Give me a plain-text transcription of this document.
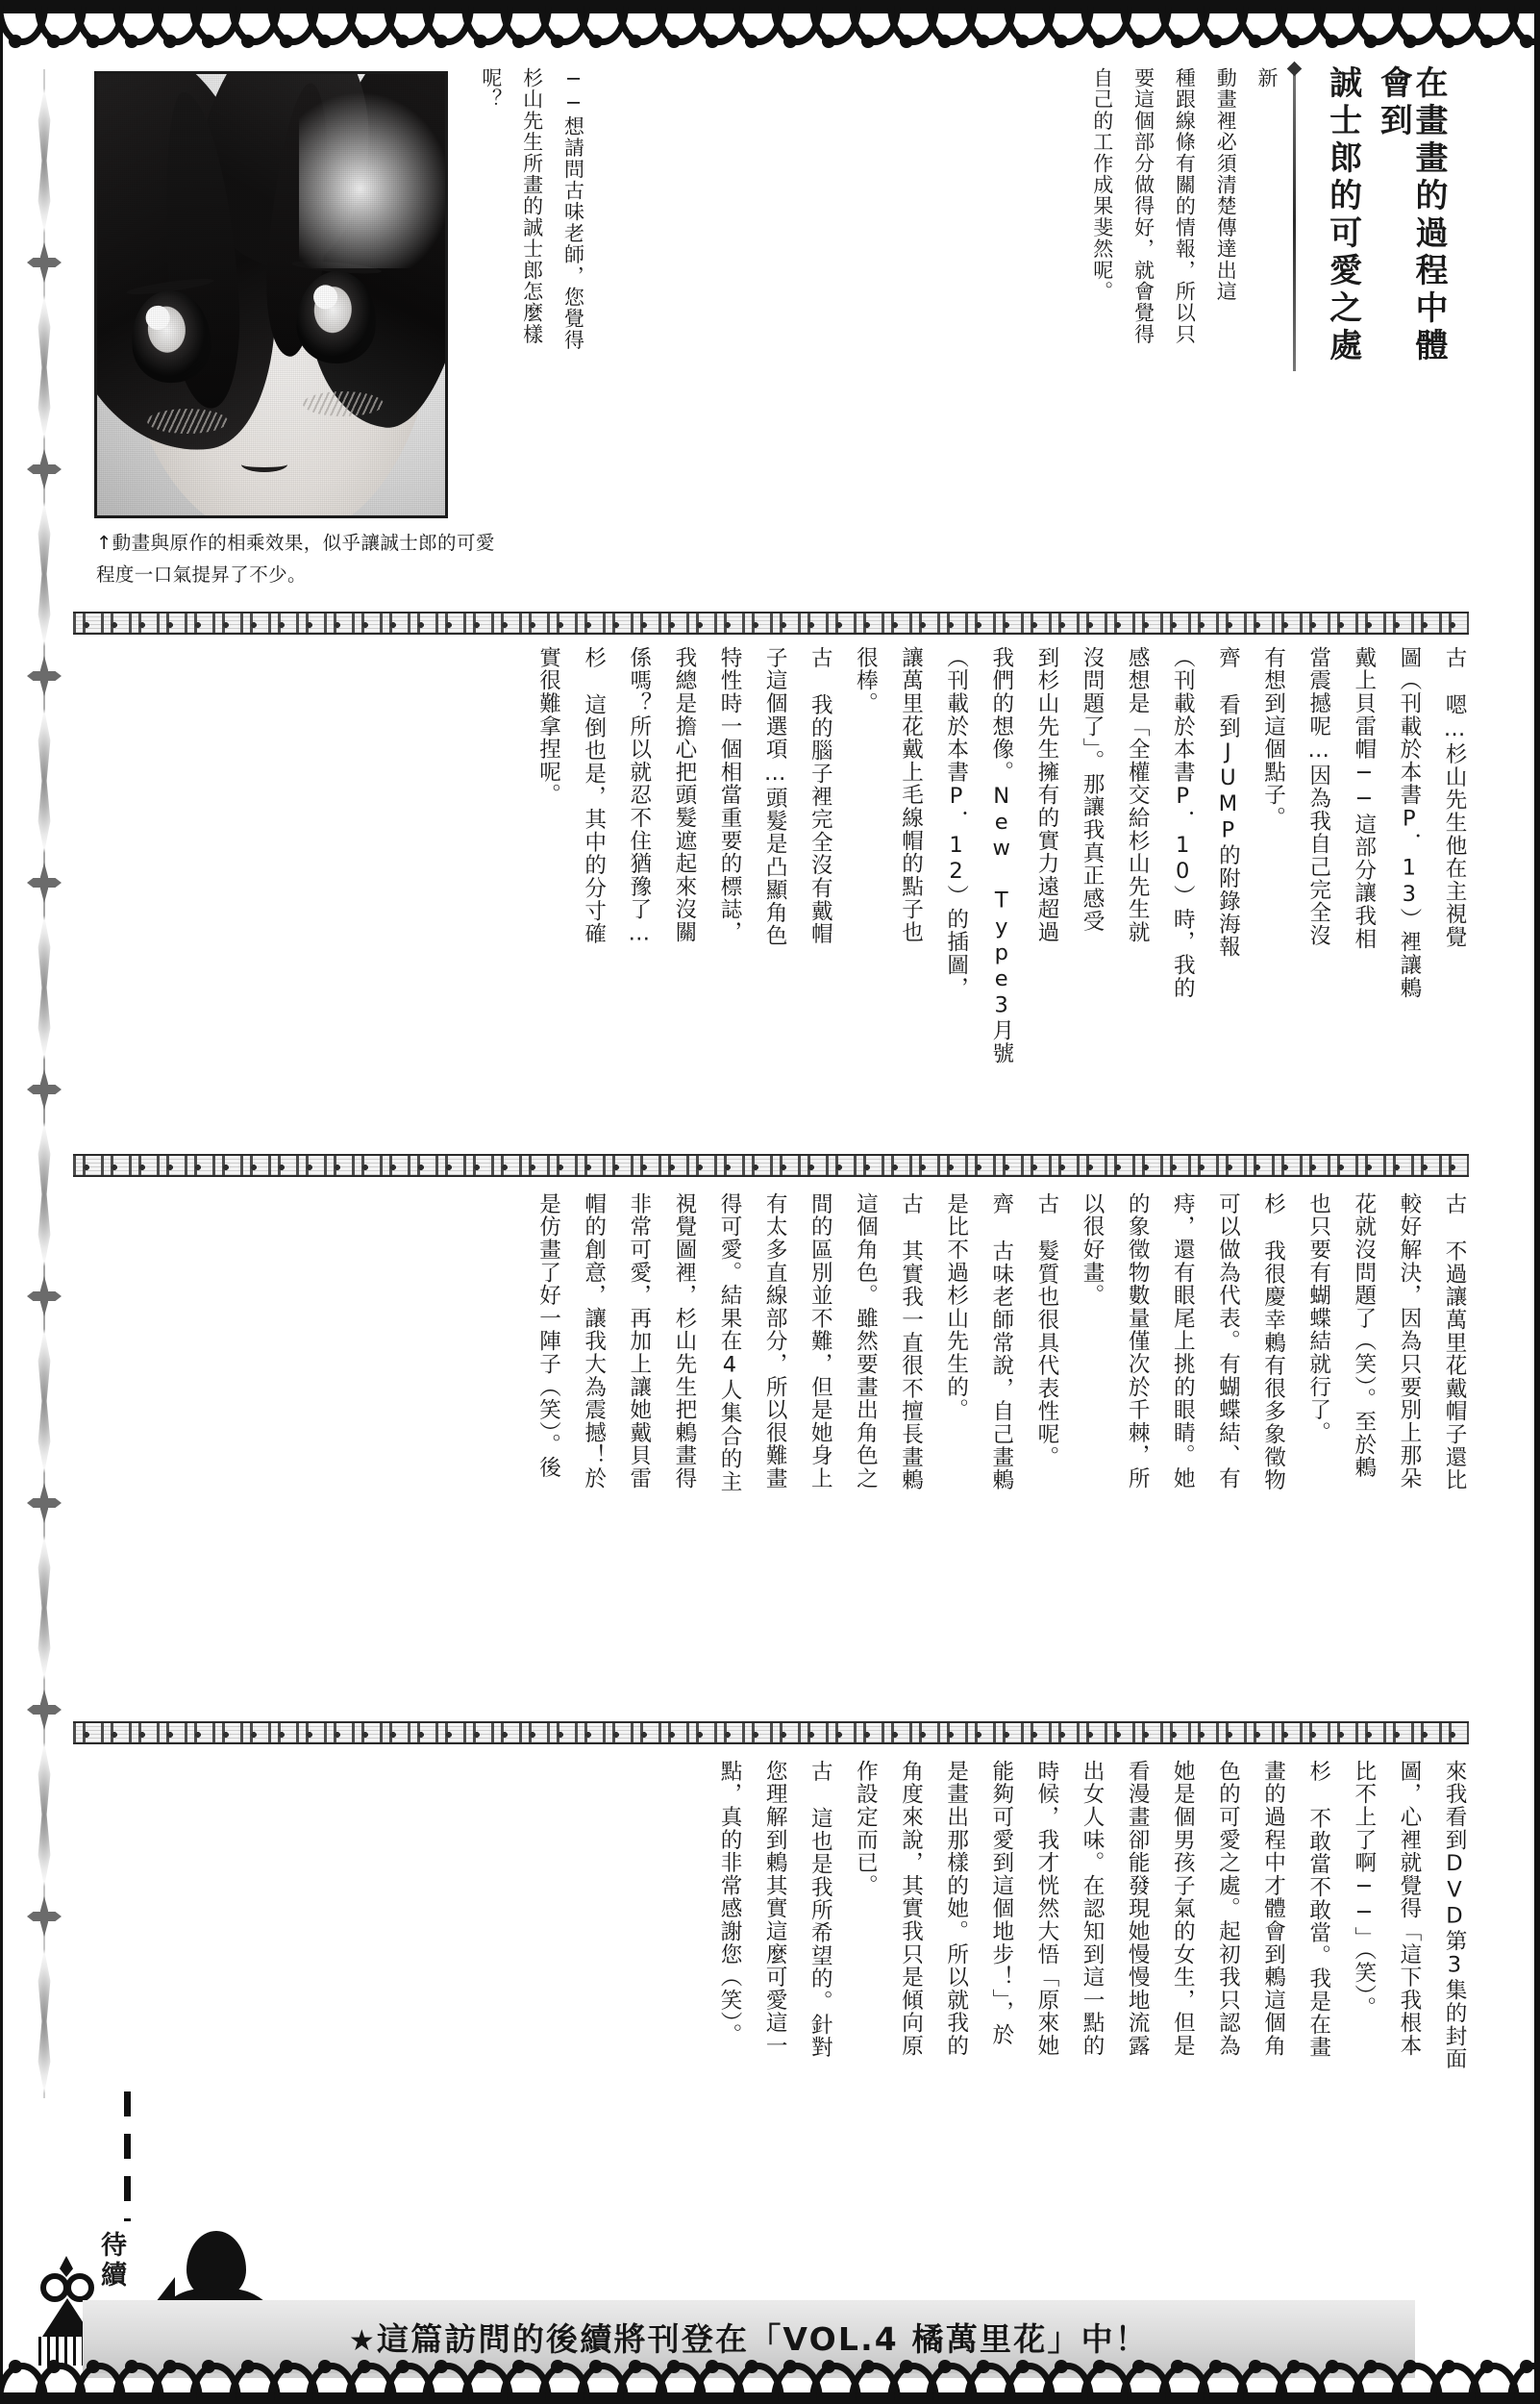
↑動畫與原作的相乘效果，似乎讓誠士郎的可愛
程度一口氣提昇了不少。
在畫畫的過程中體會到
誠士郎的可愛之處
新
動畫裡必須清楚傳達出這
種跟線條有關的情報，所以只
要這個部分做得好，就會覺得
自己的工作成果斐然呢。
──想請問古味老師，您覺得
杉山先生所畫的誠士郎怎麼樣
呢？
古　嗯…杉山先生他在主視覺
圖（刊載於本書P．13）裡讓鶇
戴上貝雷帽──這部分讓我相
當震撼呢…因為我自己完全沒
有想到這個點子。
齊　看到JUMP的附錄海報
（刊載於本書P．10）時，我的
感想是「全權交給杉山先生就
沒問題了」。那讓我真正感受
到杉山先生擁有的實力遠超過
我們的想像。New Type3月號
（刊載於本書P．12）的插圖，
讓萬里花戴上毛線帽的點子也
很棒。
古　我的腦子裡完全沒有戴帽
子這個選項…頭髮是凸顯角色
特性時一個相當重要的標誌，
我總是擔心把頭髮遮起來沒關
係嗎？所以就忍不住猶豫了…
杉　這倒也是，其中的分寸確
實很難拿捏呢。
古　不過讓萬里花戴帽子還比
較好解決，因為只要別上那朵
花就沒問題了（笑）。至於鶇
也只要有蝴蝶結就行了。
杉　我很慶幸鶇有很多象徵物
可以做為代表。有蝴蝶結、有
痔，還有眼尾上挑的眼睛。她
的象徵物數量僅次於千棘，所
以很好畫。
古　髮質也很具代表性呢。
齊　古味老師常說，自己畫鶇
是比不過杉山先生的。
古　其實我一直很不擅長畫鶇
這個角色。雖然要畫出角色之
間的區別並不難，但是她身上
有太多直線部分，所以很難畫
得可愛。結果在4人集合的主
視覺圖裡，杉山先生把鶇畫得
非常可愛，再加上讓她戴貝雷
帽的創意，讓我大為震撼！於
是仿畫了好一陣子（笑）。後
來我看到DVD第3集的封面
圖，心裡就覺得「這下我根本
比不上了啊──」（笑）。
杉　不敢當不敢當。我是在畫
畫的過程中才體會到鶇這個角
色的可愛之處。起初我只認為
她是個男孩子氣的女生，但是
看漫畫卻能發現她慢慢地流露
出女人味。在認知到這一點的
時候，我才恍然大悟「原來她
能夠可愛到這個地步！」，於
是畫出那樣的她。所以就我的
角度來說，其實我只是傾向原
作設定而已。
古　這也是我所希望的。針對
您理解到鶇其實這麼可愛這一
點，真的非常感謝您（笑）。
待續
★這篇訪問的後續將刊登在「VOL.4 橘萬里花」中！
